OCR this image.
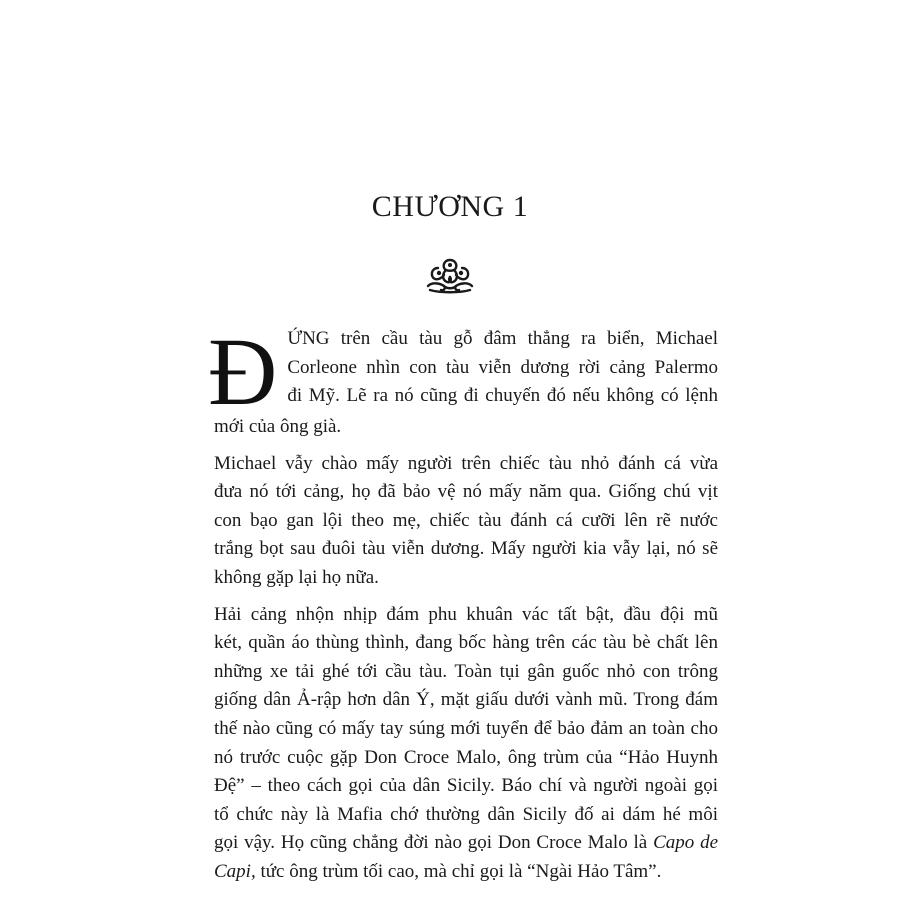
CHƯƠNG 1
Đ ỨNG trên cầu tàu gỗ đâm thẳng ra biển, Michael
Corleone nhìn con tàu viễn dương rời cảng Palermo
đi Mỹ. Lẽ ra nó cũng đi chuyến đó nếu không có lệnh
mới của ông già.
Michael vẫy chào mấy người trên chiếc tàu nhỏ đánh cá vừa
đưa nó tới cảng, họ đã bảo vệ nó mấy năm qua. Giống chú vịt
con bạo gan lội theo mẹ, chiếc tàu đánh cá cưỡi lên rẽ nước
trắng bọt sau đuôi tàu viễn dương. Mấy người kia vẫy lại, nó sẽ
không gặp lại họ nữa.
Hải cảng nhộn nhịp đám phu khuân vác tất bật, đầu đội mũ
két, quần áo thùng thình, đang bốc hàng trên các tàu bè chất lên
những xe tải ghé tới cầu tàu. Toàn tụi gân guốc nhỏ con trông
giống dân Ả-rập hơn dân Ý, mặt giấu dưới vành mũ. Trong đám
thế nào cũng có mấy tay súng mới tuyển để bảo đảm an toàn cho
nó trước cuộc gặp Don Croce Malo, ông trùm của “Hảo Huynh
Đệ” – theo cách gọi của dân Sicily. Báo chí và người ngoài gọi
tổ chức này là Mafia chớ thường dân Sicily đố ai dám hé môi
gọi vậy. Họ cũng chẳng đời nào gọi Don Croce Malo là Capo de
Capi, tức ông trùm tối cao, mà chỉ gọi là “Ngài Hảo Tâm”.
